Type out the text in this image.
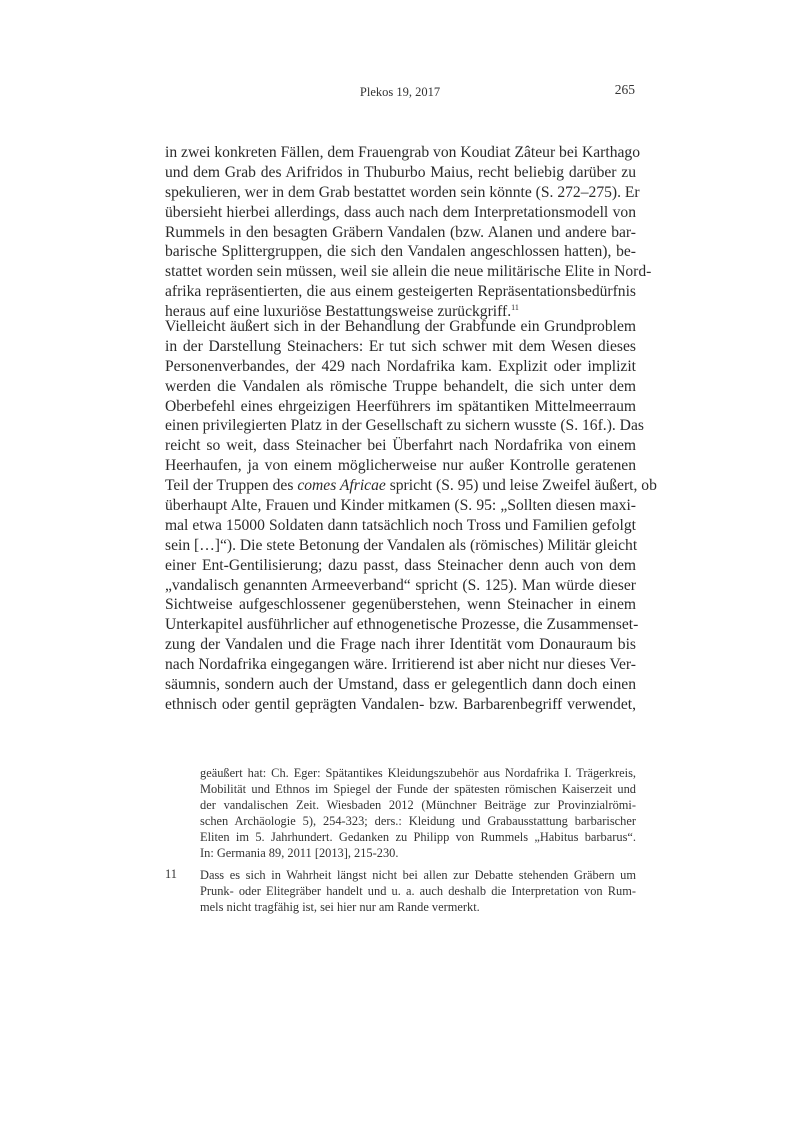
Plekos 19, 2017	265
in zwei konkreten Fällen, dem Frauengrab von Koudiat Zâteur bei Karthago
und dem Grab des Arifridos in Thuburbo Maius, recht beliebig darüber zu
spekulieren, wer in dem Grab bestattet worden sein könnte (S. 272–275). Er
übersieht hierbei allerdings, dass auch nach dem Interpretationsmodell von
Rummels in den besagten Gräbern Vandalen (bzw. Alanen und andere bar-
barische Splittergruppen, die sich den Vandalen angeschlossen hatten), be-
stattet worden sein müssen, weil sie allein die neue militärische Elite in Nord-
afrika repräsentierten, die aus einem gesteigerten Repräsentationsbedürfnis
heraus auf eine luxuriöse Bestattungsweise zurückgriff.$^{11}$
Vielleicht äußert sich in der Behandlung der Grabfunde ein Grundproblem
in der Darstellung Steinachers: Er tut sich schwer mit dem Wesen dieses
Personenverbandes, der 429 nach Nordafrika kam. Explizit oder implizit
werden die Vandalen als römische Truppe behandelt, die sich unter dem
Oberbefehl eines ehrgeizigen Heerführers im spätantiken Mittelmeerraum
einen privilegierten Platz in der Gesellschaft zu sichern wusste (S. 16f.). Das
reicht so weit, dass Steinacher bei Überfahrt nach Nordafrika von einem
Heerhaufen, ja von einem möglicherweise nur außer Kontrolle geratenen
Teil der Truppen des comes Africae spricht (S. 95) und leise Zweifel äußert, ob
überhaupt Alte, Frauen und Kinder mitkamen (S. 95: „Sollten diesen maxi-
mal etwa 15000 Soldaten dann tatsächlich noch Tross und Familien gefolgt
sein […]“). Die stete Betonung der Vandalen als (römisches) Militär gleicht
einer Ent-Gentilisierung; dazu passt, dass Steinacher denn auch von dem
„vandalisch genannten Armeeverband“ spricht (S. 125). Man würde dieser
Sichtweise aufgeschlossener gegenüberstehen, wenn Steinacher in einem
Unterkapitel ausführlicher auf ethnogenetische Prozesse, die Zusammenset-
zung der Vandalen und die Frage nach ihrer Identität vom Donauraum bis
nach Nordafrika eingegangen wäre. Irritierend ist aber nicht nur dieses Ver-
säumnis, sondern auch der Umstand, dass er gelegentlich dann doch einen
ethnisch oder gentil geprägten Vandalen- bzw. Barbarenbegriff verwendet,
geäußert hat: Ch. Eger: Spätantikes Kleidungszubehör aus Nordafrika I. Trägerkreis,
Mobilität und Ethnos im Spiegel der Funde der spätesten römischen Kaiserzeit und
der vandalischen Zeit. Wiesbaden 2012 (Münchner Beiträge zur Provinzialrömi-
schen Archäologie 5), 254-323; ders.: Kleidung und Grabausstattung barbarischer
Eliten im 5. Jahrhundert. Gedanken zu Philipp von Rummels „Habitus barbarus“.
In: Germania 89, 2011 [2013], 215-230.
11 Dass es sich in Wahrheit längst nicht bei allen zur Debatte stehenden Gräbern um
Prunk- oder Elitegräber handelt und u. a. auch deshalb die Interpretation von Rum-
mels nicht tragfähig ist, sei hier nur am Rande vermerkt.
